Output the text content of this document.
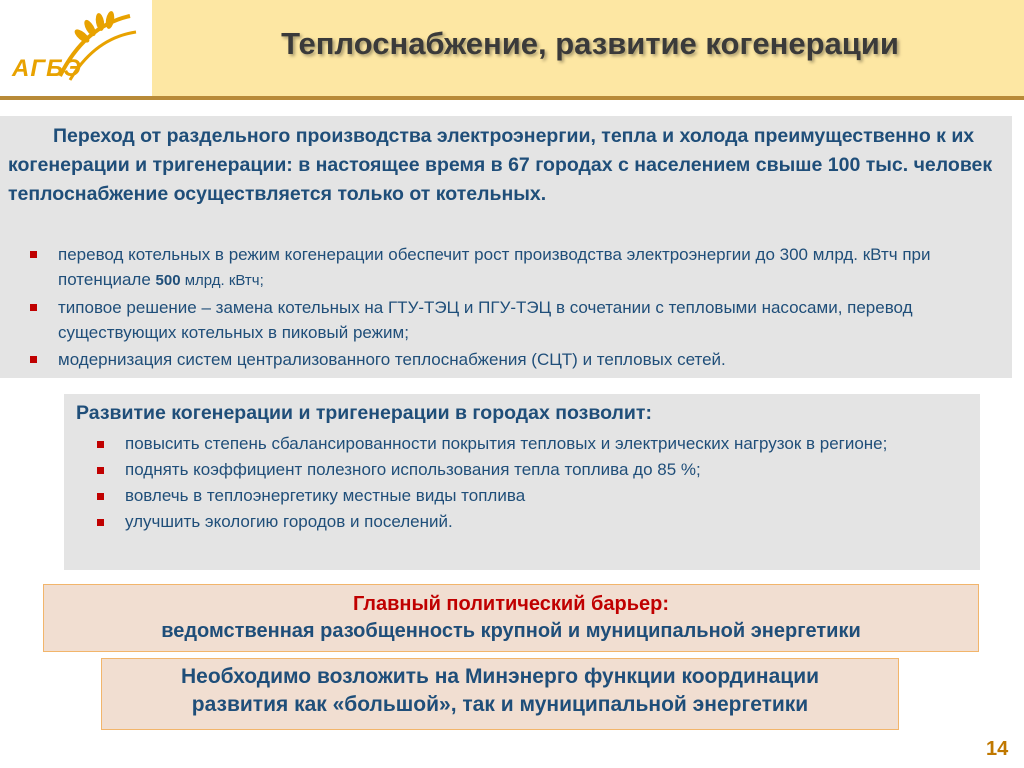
АГБЭ
Теплоснабжение, развитие когенерации
Переход от раздельного производства электроэнергии, тепла и холода преимущественно к их когенерации и тригенерации: в настоящее время в 67 городах с населением свыше 100 тыс. человек теплоснабжение осуществляется только от котельных.
перевод котельных в режим когенерации обеспечит рост производства электроэнергии до 300 млрд. кВтч при потенциале 500 млрд. кВтч;
типовое решение – замена котельных на ГТУ-ТЭЦ и ПГУ-ТЭЦ в сочетании с тепловыми насосами, перевод существующих котельных в пиковый режим;
модернизация систем централизованного теплоснабжения (СЦТ) и тепловых сетей.
Развитие когенерации и тригенерации в городах позволит:
повысить степень сбалансированности покрытия тепловых и электрических нагрузок в регионе;
поднять коэффициент полезного использования тепла топлива до 85 %;
вовлечь в теплоэнергетику местные виды топлива
улучшить экологию городов и поселений.
Главный политический барьер:
ведомственная разобщенность крупной и муниципальной энергетики
Необходимо возложить на Минэнерго функции координации
развития как «большой», так и муниципальной энергетики
14
